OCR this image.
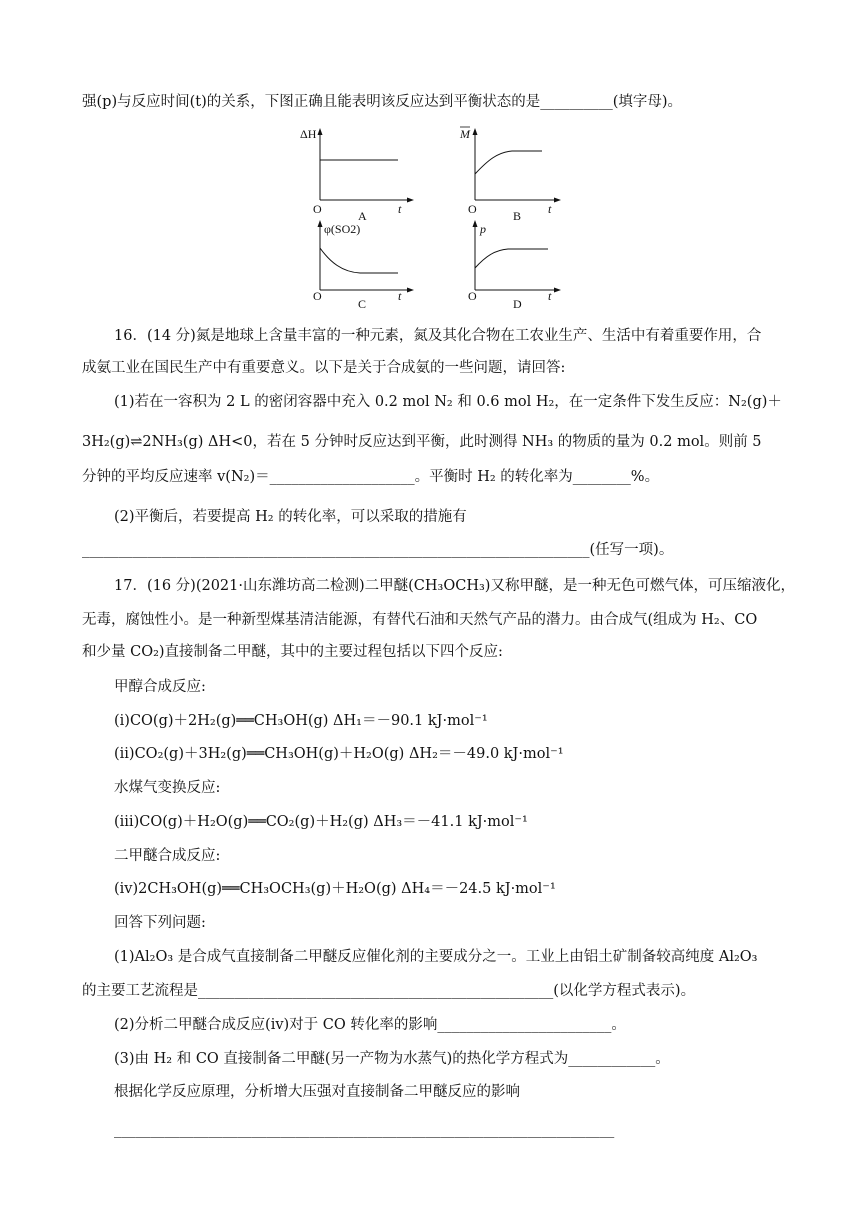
强(p)与反应时间(t)的关系，下图正确且能表明该反应达到平衡状态的是__________(填字母)。
ΔH
O	t
A
M
O	t
B
φ(SO2)
O	t
C
p
O	t
D
16．(14 分)氮是地球上含量丰富的一种元素，氮及其化合物在工农业生产、生活中有着重要作用，合
成氨工业在国民生产中有重要意义。以下是关于合成氨的一些问题，请回答:
(1)若在一容积为 2 L 的密闭容器中充入 0.2 mol N₂ 和 0.6 mol H₂，在一定条件下发生反应：N₂(g)＋
3H₂(g)⇌2NH₃(g) ΔH<0，若在 5 分钟时反应达到平衡，此时测得 NH₃ 的物质的量为 0.2 mol。则前 5
分钟的平均反应速率 v(N₂)＝____________________。平衡时 H₂ 的转化率为________%。
(2)平衡后，若要提高 H₂ 的转化率，可以采取的措施有
______________________________________________________________________(任写一项)。
17．(16 分)(2021·山东潍坊高二检测)二甲醚(CH₃OCH₃)又称甲醚，是一种无色可燃气体，可压缩液化，
无毒，腐蚀性小。是一种新型煤基清洁能源，有替代石油和天然气产品的潜力。由合成气(组成为 H₂、CO
和少量 CO₂)直接制备二甲醚，其中的主要过程包括以下四个反应:
甲醇合成反应:
(ⅰ)CO(g)＋2H₂(g)══CH₃OH(g) ΔH₁＝－90.1 kJ·mol⁻¹
(ⅱ)CO₂(g)＋3H₂(g)══CH₃OH(g)＋H₂O(g) ΔH₂＝－49.0 kJ·mol⁻¹
水煤气变换反应:
(ⅲ)CO(g)＋H₂O(g)══CO₂(g)＋H₂(g) ΔH₃＝－41.1 kJ·mol⁻¹
二甲醚合成反应:
(ⅳ)2CH₃OH(g)══CH₃OCH₃(g)＋H₂O(g) ΔH₄＝－24.5 kJ·mol⁻¹
回答下列问题:
(1)Al₂O₃ 是合成气直接制备二甲醚反应催化剂的主要成分之一。工业上由铝土矿制备较高纯度 Al₂O₃
的主要工艺流程是_________________________________________________(以化学方程式表示)。
(2)分析二甲醚合成反应(ⅳ)对于 CO 转化率的影响________________________。
(3)由 H₂ 和 CO 直接制备二甲醚(另一产物为水蒸气)的热化学方程式为____________。
根据化学反应原理，分析增大压强对直接制备二甲醚反应的影响
_____________________________________________________________________
